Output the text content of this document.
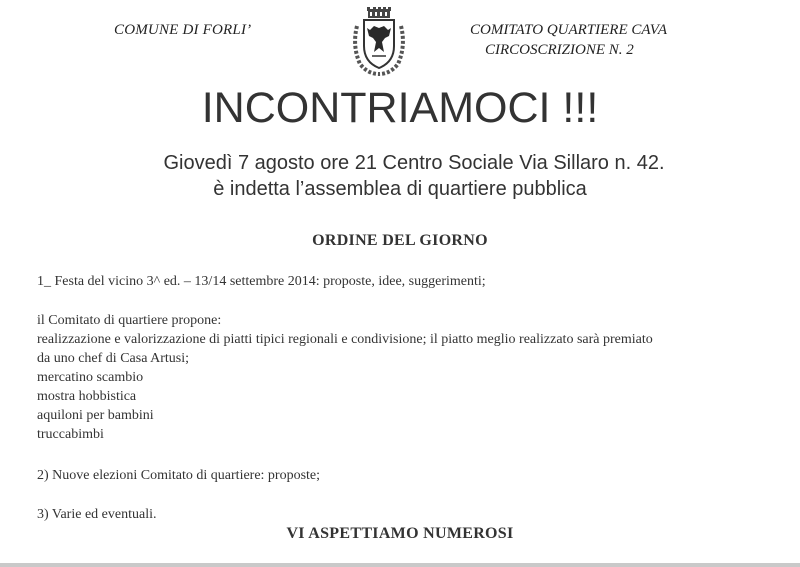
COMUNE DI FORLI’	COMITATO QUARTIERE CAVA
CIRCOSCRIZIONE N. 2
INCONTRIAMOCI !!!
Giovedì 7 agosto ore 21 Centro Sociale Via Sillaro n. 42.
è indetta l’assemblea di quartiere pubblica
ORDINE DEL GIORNO
1_ Festa del vicino 3^ ed. – 13/14 settembre 2014: proposte, idee, suggerimenti;
il Comitato di quartiere propone:
realizzazione e valorizzazione di piatti tipici regionali e condivisione; il piatto meglio realizzato sarà premiato
da uno chef di Casa Artusi;
mercatino scambio
mostra hobbistica
aquiloni per bambini
truccabimbi
2) Nuove elezioni Comitato di quartiere: proposte;
3) Varie ed eventuali.
VI ASPETTIAMO NUMEROSI
